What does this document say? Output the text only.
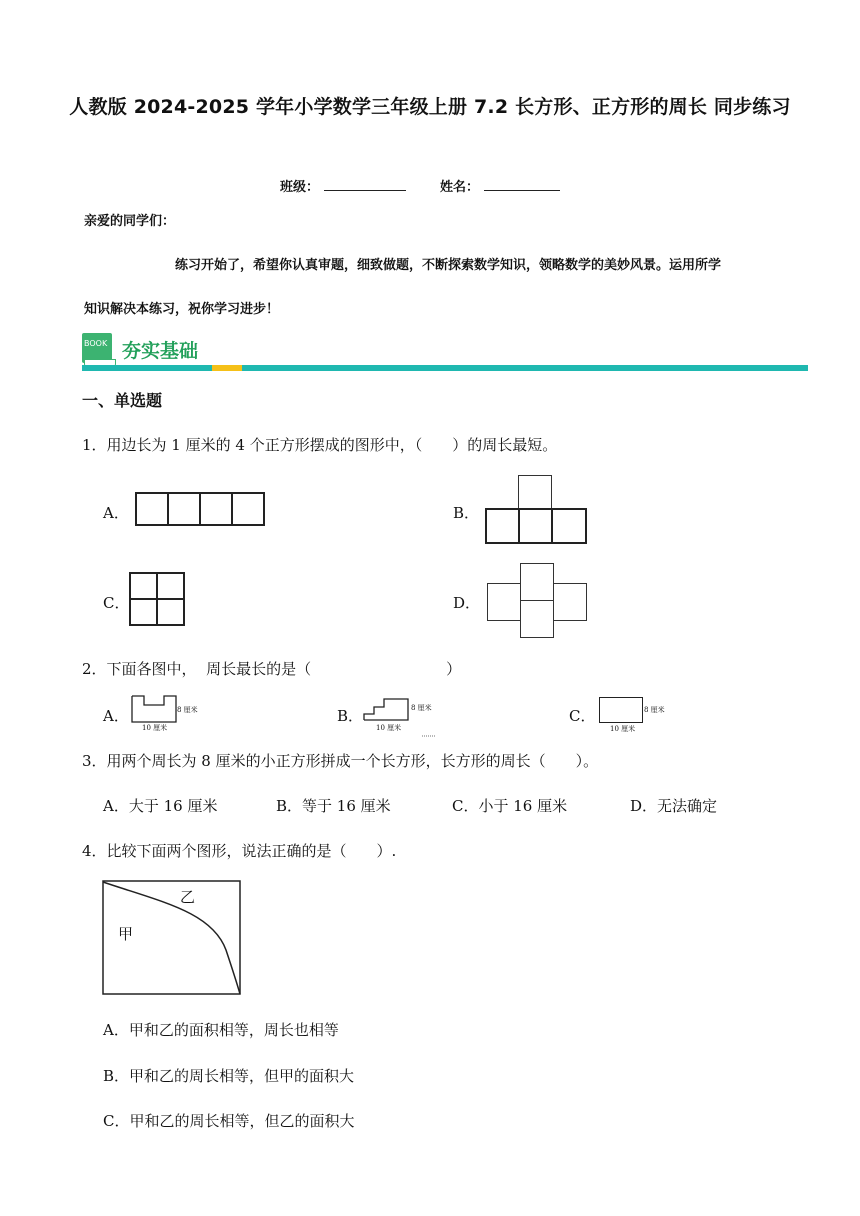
人教版 2024-2025 学年小学数学三年级上册 7.2 长方形、正方形的周长 同步练习
班级：	姓名：
亲爱的同学们：
练习开始了，希望你认真审题，细致做题，不断探索数学知识，领略数学的美妙风景。运用所学
知识解决本练习，祝你学习进步！
BOOK 夯实基础
一、单选题
1．用边长为 1 厘米的 4 个正方形摆成的图形中，（　　）的周长最短。
A．	B．
C．	D．
2．下面各图中，  周长最长的是（　　　　　　　　　）
A．	8 厘米
10 厘米
B．	8 厘米
10 厘米
C．	8 厘米
10 厘米
3．用两个周长为 8 厘米的小正方形拼成一个长方形，长方形的周长（　　）。
A．大于 16 厘米	B．等于 16 厘米	C．小于 16 厘米	D．无法确定
4．比较下面两个图形，说法正确的是（　　）.
乙
甲
A．甲和乙的面积相等，周长也相等
B．甲和乙的周长相等，但甲的面积大
C．甲和乙的周长相等，但乙的面积大
